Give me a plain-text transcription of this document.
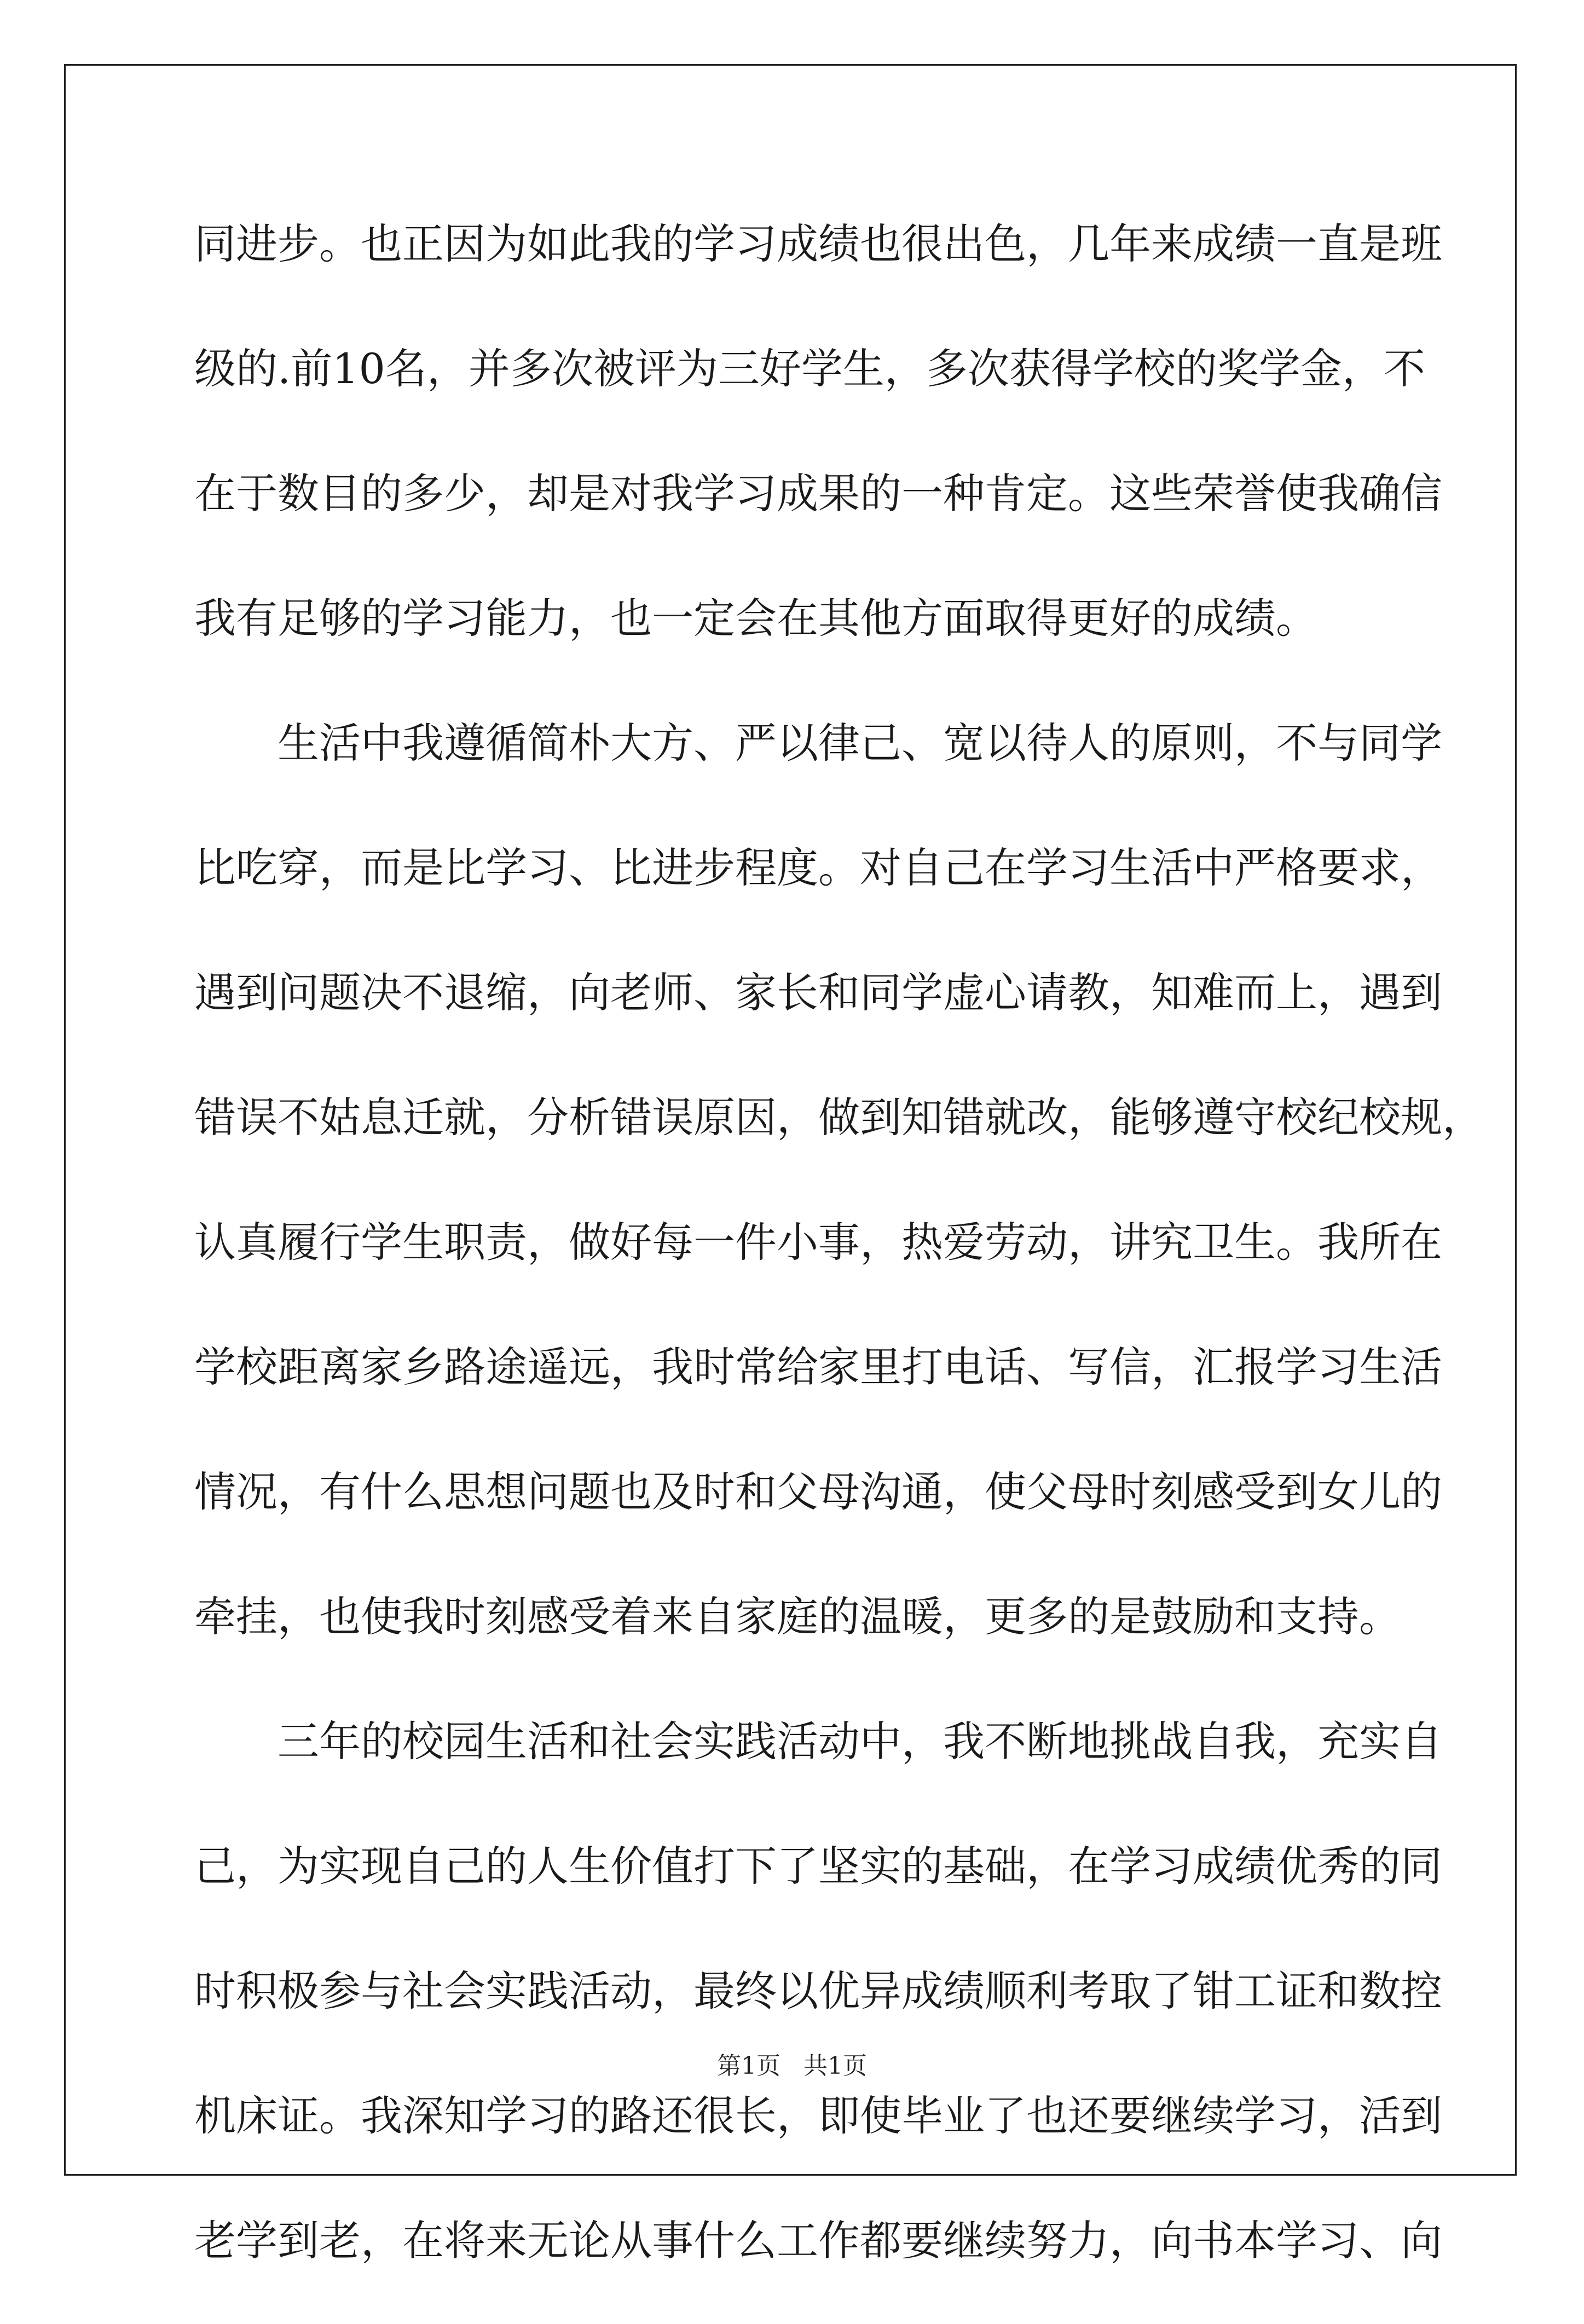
同进步。也正因为如此我的学习成绩也很出色，几年来成绩一直是班
级的.前10名，并多次被评为三好学生，多次获得学校的奖学金，不
在于数目的多少，却是对我学习成果的一种肯定。这些荣誉使我确信
我有足够的学习能力，也一定会在其他方面取得更好的成绩。
生活中我遵循简朴大方、严以律己、宽以待人的原则，不与同学
比吃穿，而是比学习、比进步程度。对自己在学习生活中严格要求，
遇到问题决不退缩，向老师、家长和同学虚心请教，知难而上，遇到
错误不姑息迁就，分析错误原因，做到知错就改，能够遵守校纪校规，
认真履行学生职责，做好每一件小事，热爱劳动，讲究卫生。我所在
学校距离家乡路途遥远，我时常给家里打电话、写信，汇报学习生活
情况，有什么思想问题也及时和父母沟通，使父母时刻感受到女儿的
牵挂，也使我时刻感受着来自家庭的温暖，更多的是鼓励和支持。
三年的校园生活和社会实践活动中，我不断地挑战自我，充实自
己，为实现自己的人生价值打下了坚实的基础，在学习成绩优秀的同
时积极参与社会实践活动，最终以优异成绩顺利考取了钳工证和数控
机床证。我深知学习的路还很长，即使毕业了也还要继续学习，活到
老学到老，在将来无论从事什么工作都要继续努力，向书本学习、向
第1页 共1页
